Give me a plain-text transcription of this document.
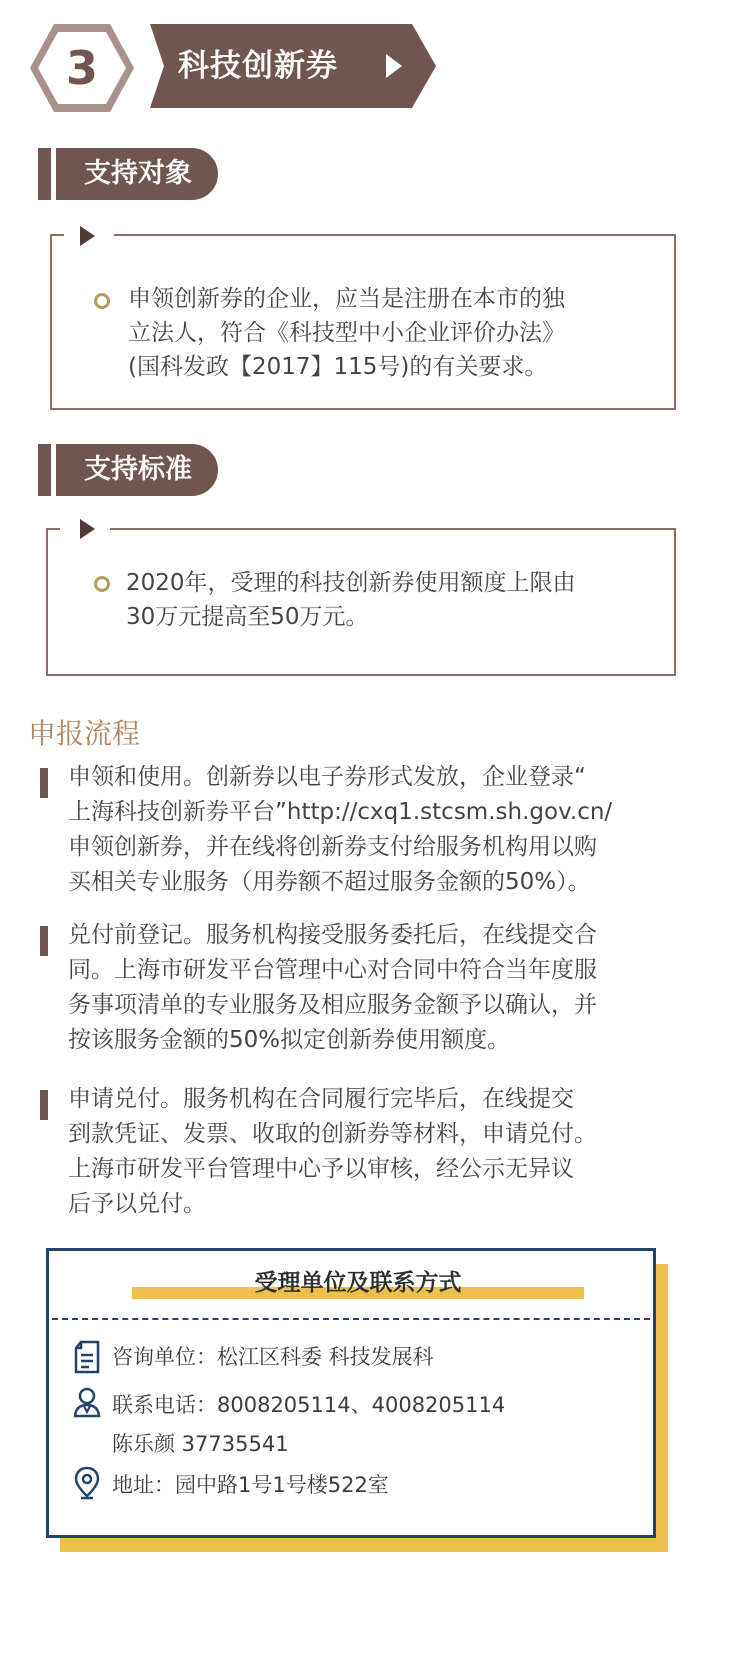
3	科技创新券
支持对象
申领创新券的企业，应当是注册在本市的独
立法人，符合《科技型中小企业评价办法》
(国科发政【2017】115号)的有关要求。
支持标准
2020年，受理的科技创新券使用额度上限由
30万元提高至50万元。
申报流程
申领和使用。创新券以电子券形式发放，企业登录“
上海科技创新券平台”http://cxq1.stcsm.sh.gov.cn/
申领创新券，并在线将创新券支付给服务机构用以购
买相关专业服务（用券额不超过服务金额的50%）。
兑付前登记。服务机构接受服务委托后，在线提交合
同。上海市研发平台管理中心对合同中符合当年度服
务事项清单的专业服务及相应服务金额予以确认，并
按该服务金额的50%拟定创新券使用额度。
申请兑付。服务机构在合同履行完毕后，在线提交
到款凭证、发票、收取的创新券等材料，申请兑付。
上海市研发平台管理中心予以审核，经公示无异议
后予以兑付。
受理单位及联系方式
咨询单位：松江区科委 科技发展科
联系电话：8008205114、4008205114
陈乐颜 37735541
地址：园中路1号1号楼522室
